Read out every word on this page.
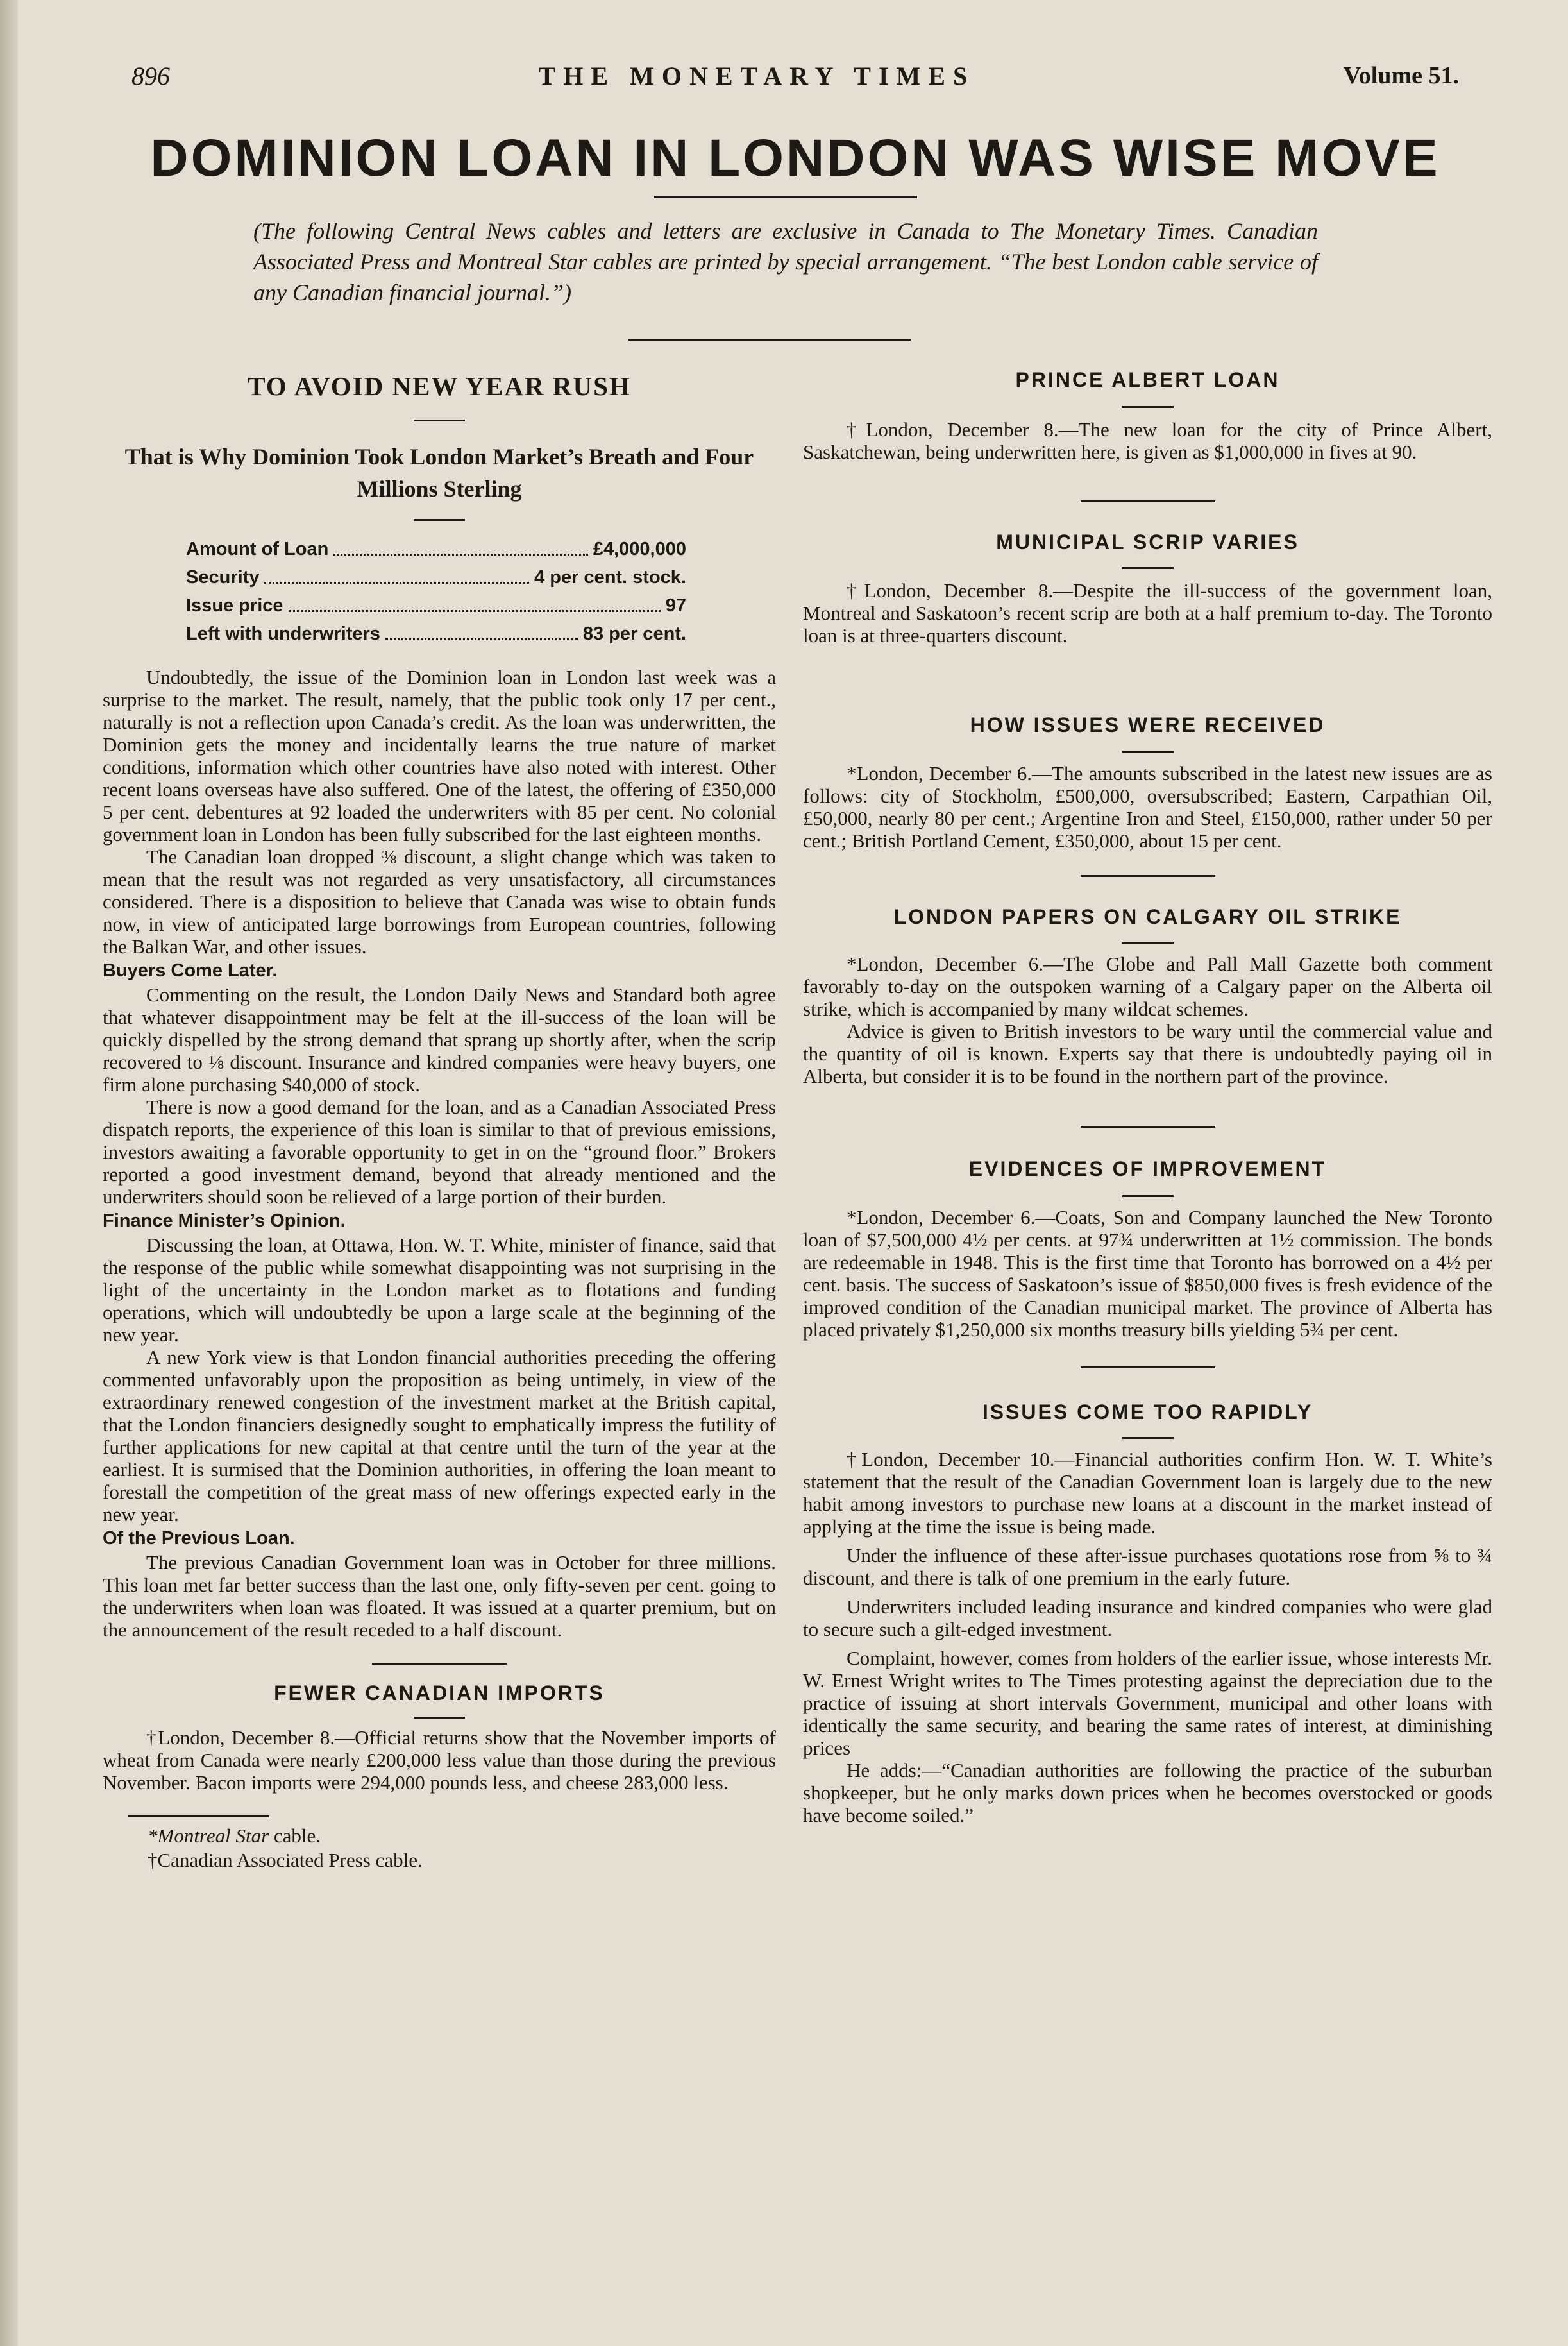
896	THE MONETARY TIMES	Volume 51.
DOMINION LOAN IN LONDON WAS WISE MOVE
(The following Central News cables and letters are exclusive in Canada to The Monetary Times. Canadian Associated Press and Montreal Star cables are printed by special arrangement. “The best London cable service of any Canadian financial journal.”)
TO AVOID NEW YEAR RUSH
That is Why Dominion Took London Market’s Breath and Four Millions Sterling
Amount of Loan	£4,000,000
Security	4 per cent. stock.
Issue price	97
Left with underwriters	83 per cent.

Undoubtedly, the issue of the Dominion loan in London last week was a surprise to the market. The result, namely, that the public took only 17 per cent., naturally is not a reflection upon Canada’s credit. As the loan was underwritten, the Dominion gets the money and incidentally learns the true nature of market conditions, information which other countries have also noted with interest. Other recent loans overseas have also suffered. One of the latest, the offering of £350,000 5 per cent. debentures at 92 loaded the underwriters with 85 per cent. No colonial government loan in London has been fully subscribed for the last eighteen months.

The Canadian loan dropped ⅜ discount, a slight change which was taken to mean that the result was not regarded as very unsatisfactory, all circumstances considered. There is a disposition to believe that Canada was wise to obtain funds now, in view of anticipated large borrowings from European countries, following the Balkan War, and other issues.

Buyers Come Later.

Commenting on the result, the London Daily News and Standard both agree that whatever disappointment may be felt at the ill-success of the loan will be quickly dispelled by the strong demand that sprang up shortly after, when the scrip recovered to ⅛ discount. Insurance and kindred companies were heavy buyers, one firm alone purchasing $40,000 of stock.

There is now a good demand for the loan, and as a Canadian Associated Press dispatch reports, the experience of this loan is similar to that of previous emissions, investors awaiting a favorable opportunity to get in on the “ground floor.” Brokers reported a good investment demand, beyond that already mentioned and the underwriters should soon be relieved of a large portion of their burden.

Finance Minister’s Opinion.

Discussing the loan, at Ottawa, Hon. W. T. White, minister of finance, said that the response of the public while somewhat disappointing was not surprising in the light of the uncertainty in the London market as to flotations and funding operations, which will undoubtedly be upon a large scale at the beginning of the new year.

A new York view is that London financial authorities preceding the offering commented unfavorably upon the proposition as being untimely, in view of the extraordinary renewed congestion of the investment market at the British capital, that the London financiers designedly sought to emphatically impress the futility of further applications for new capital at that centre until the turn of the year at the earliest. It is surmised that the Dominion authorities, in offering the loan meant to forestall the competition of the great mass of new offerings expected early in the new year.

Of the Previous Loan.

The previous Canadian Government loan was in October for three millions. This loan met far better success than the last one, only fifty-seven per cent. going to the underwriters when loan was floated. It was issued at a quarter premium, but on the announcement of the result receded to a half discount.

FEWER CANADIAN IMPORTS

†London, December 8.—Official returns show that the November imports of wheat from Canada were nearly £200,000 less value than those during the previous November. Bacon imports were 294,000 pounds less, and cheese 283,000 less.

*Montreal Star cable.

†Canadian Associated Press cable.

PRINCE ALBERT LOAN

†London, December 8.—The new loan for the city of Prince Albert, Saskatchewan, being underwritten here, is given as $1,000,000 in fives at 90.

MUNICIPAL SCRIP VARIES

†London, December 8.—Despite the ill-success of the government loan, Montreal and Saskatoon’s recent scrip are both at a half premium to-day. The Toronto loan is at three-quarters discount.

HOW ISSUES WERE RECEIVED

*London, December 6.—The amounts subscribed in the latest new issues are as follows: city of Stockholm, £500,000, oversubscribed; Eastern, Carpathian Oil, £50,000, nearly 80 per cent.; Argentine Iron and Steel, £150,000, rather under 50 per cent.; British Portland Cement, £350,000, about 15 per cent.

LONDON PAPERS ON CALGARY OIL STRIKE

*London, December 6.—The Globe and Pall Mall Gazette both comment favorably to-day on the outspoken warning of a Calgary paper on the Alberta oil strike, which is accompanied by many wildcat schemes.

Advice is given to British investors to be wary until the commercial value and the quantity of oil is known. Experts say that there is undoubtedly paying oil in Alberta, but consider it is to be found in the northern part of the province.

EVIDENCES OF IMPROVEMENT

*London, December 6.—Coats, Son and Company launched the New Toronto loan of $7,500,000 4½ per cents. at 97¾ underwritten at 1½ commission. The bonds are redeemable in 1948. This is the first time that Toronto has borrowed on a 4½ per cent. basis. The success of Saskatoon’s issue of $850,000 fives is fresh evidence of the improved condition of the Canadian municipal market. The province of Alberta has placed privately $1,250,000 six months treasury bills yielding 5¾ per cent.

ISSUES COME TOO RAPIDLY

†London, December 10.—Financial authorities confirm Hon. W. T. White’s statement that the result of the Canadian Government loan is largely due to the new habit among investors to purchase new loans at a discount in the market instead of applying at the time the issue is being made.

Under the influence of these after-issue purchases quotations rose from ⅝ to ¾ discount, and there is talk of one premium in the early future.

Underwriters included leading insurance and kindred companies who were glad to secure such a gilt-edged investment.

Complaint, however, comes from holders of the earlier issue, whose interests Mr. W. Ernest Wright writes to The Times protesting against the depreciation due to the practice of issuing at short intervals Government, municipal and other loans with identically the same security, and bearing the same rates of interest, at diminishing prices

He adds:—“Canadian authorities are following the practice of the suburban shopkeeper, but he only marks down prices when he becomes overstocked or goods have become soiled.”
